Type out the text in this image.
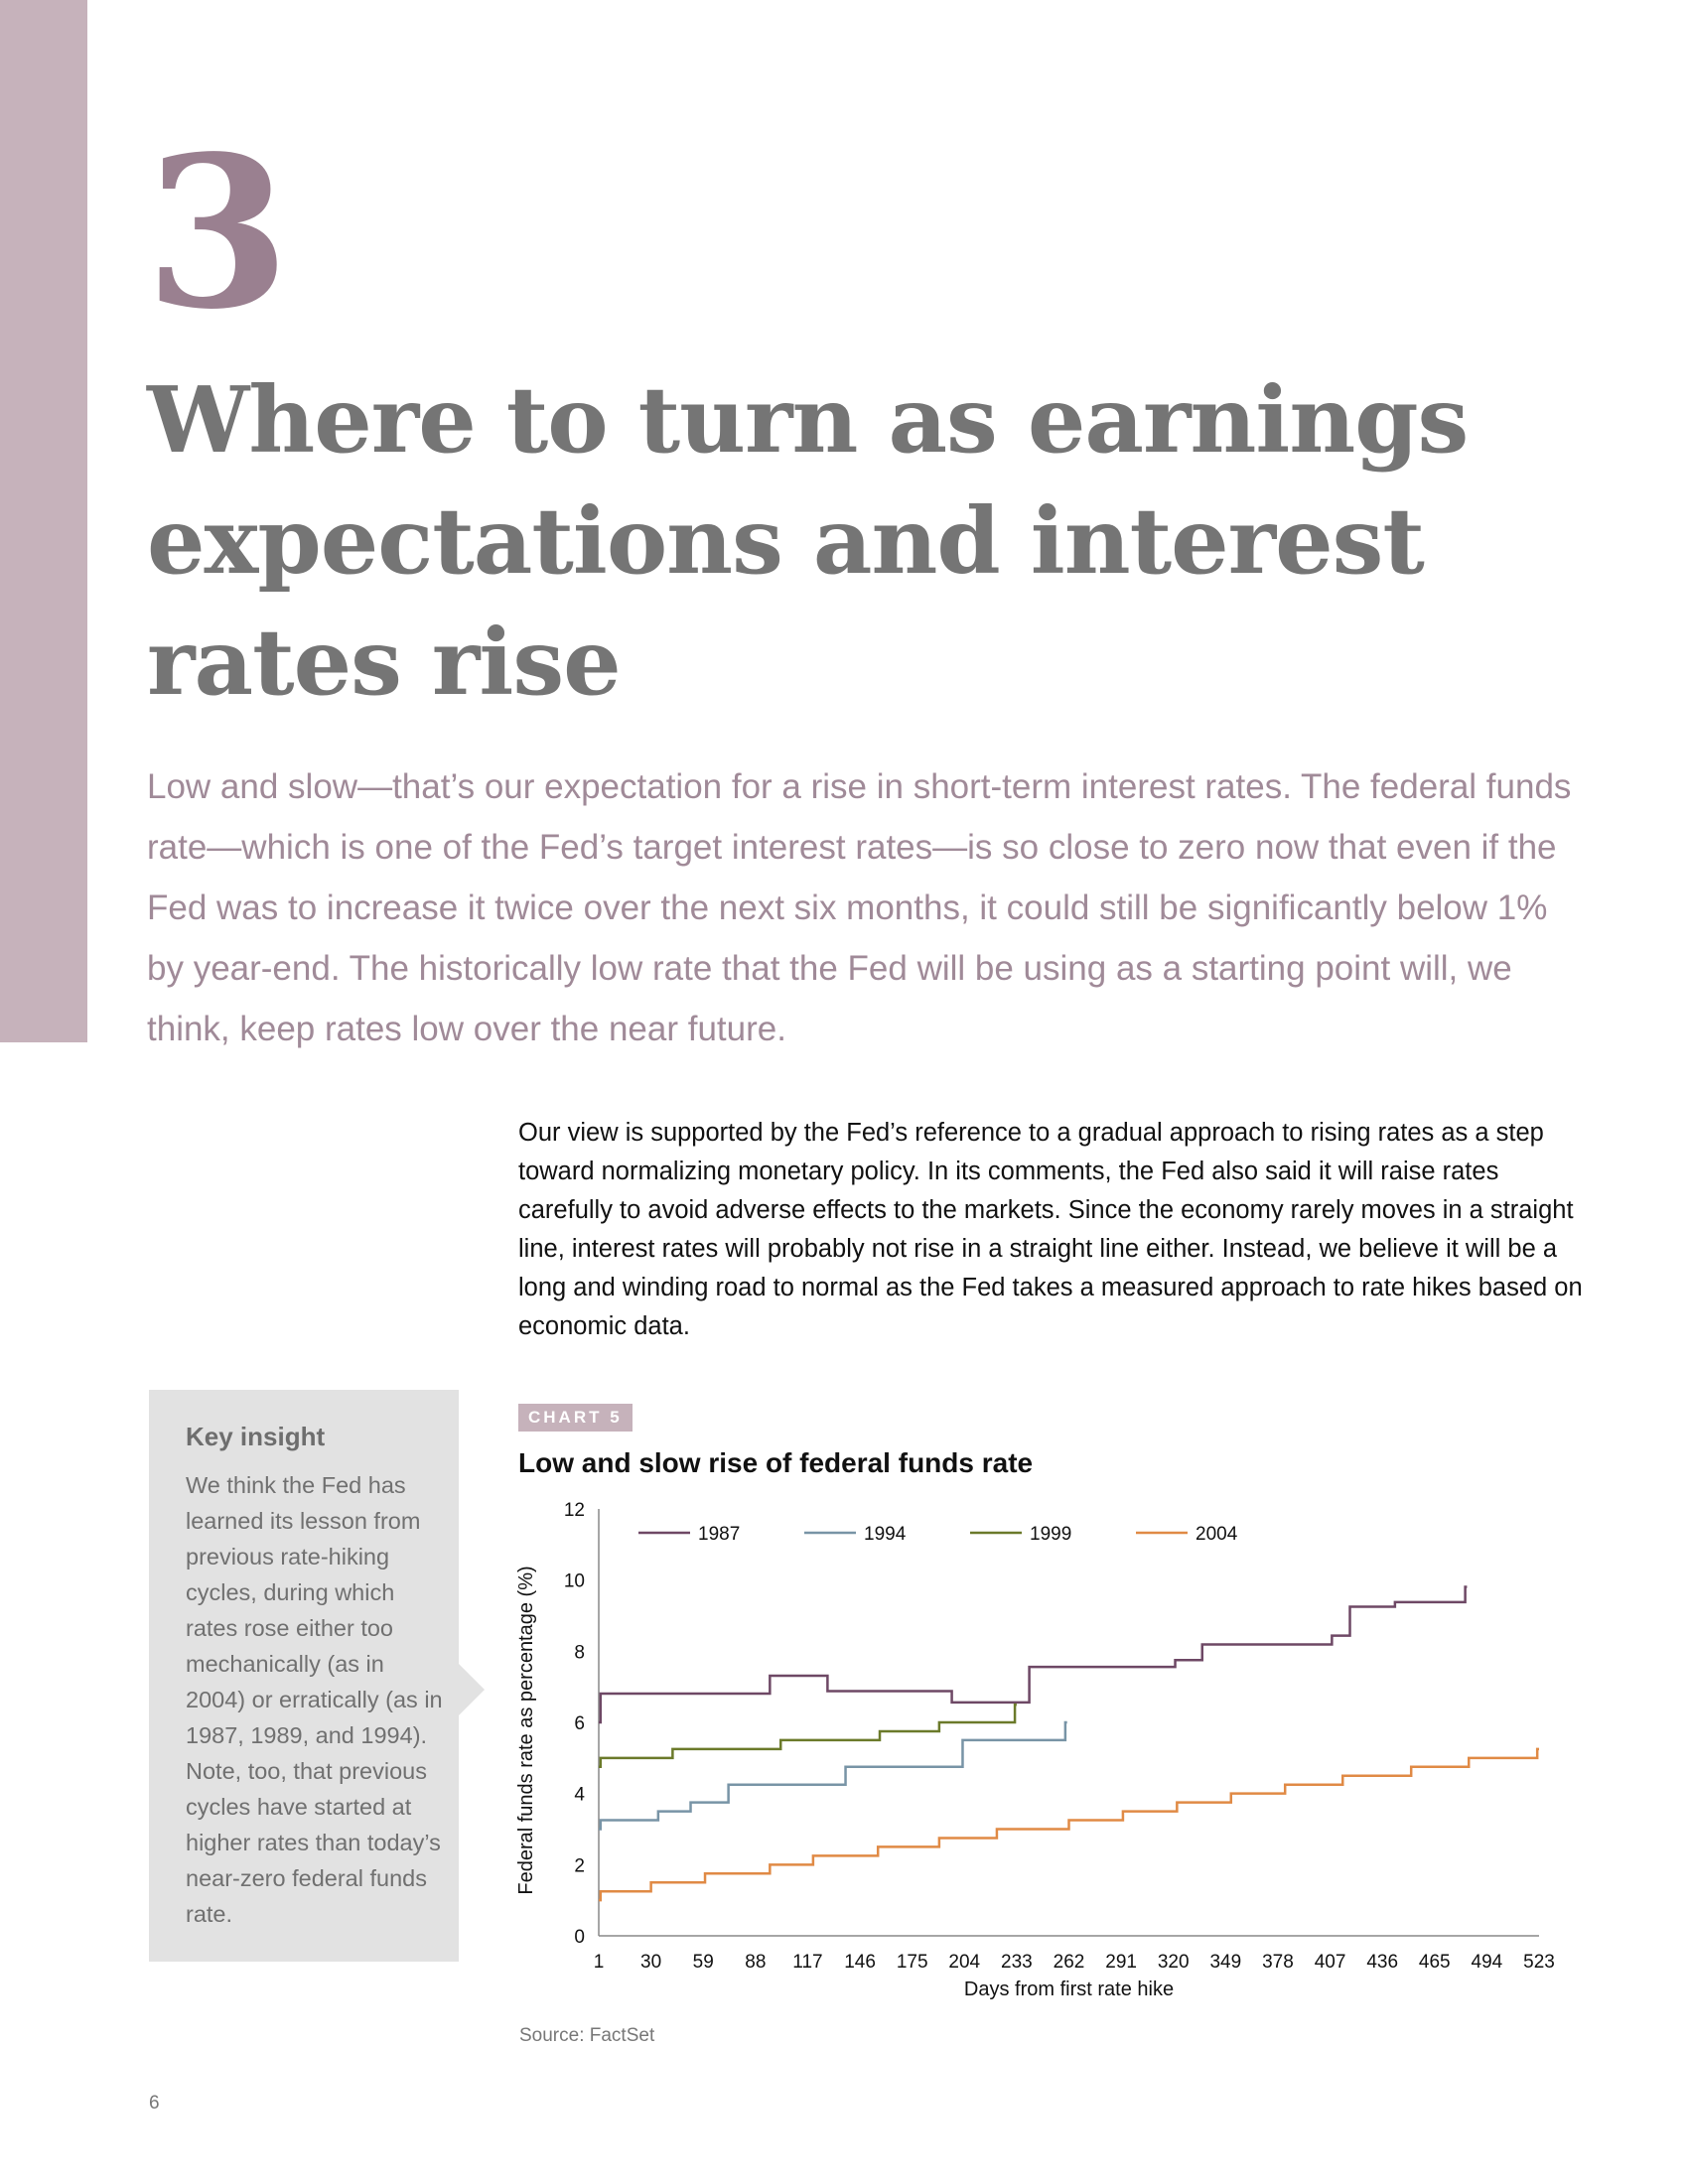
3
Where to turn as earnings expectations and interest rates rise

Low and slow—that’s our expectation for a rise in short-term interest rates. The federal funds rate—which is one of the Fed’s target interest rates—is so close to zero now that even if the Fed was to increase it twice over the next six months, it could still be significantly below 1% by year-end. The historically low rate that the Fed will be using as a starting point will, we think, keep rates low over the near future.

Our view is supported by the Fed’s reference to a gradual approach to rising rates as a step toward normalizing monetary policy. In its comments, the Fed also said it will raise rates carefully to avoid adverse effects to the markets. Since the economy rarely moves in a straight line, interest rates will probably not rise in a straight line either. Instead, we believe it will be a long and winding road to normal as the Fed takes a measured approach to rate hikes based on economic data.

Key insight

We think the Fed has learned its lesson from previous rate-hiking cycles, during which rates rose either too mechanically (as in 2004) or erratically (as in 1987, 1989, and 1994). Note, too, that previous cycles have started at higher rates than today’s near-zero federal funds rate.

CHART 5
Low and slow rise of federal funds rate
0
2
4
6
8
10
12
1 30 59 88 117 146 175 204 233 262 291 320 349 378 407 436 465 494 523
Days from first rate hike
Federal funds rate as percentage (%)
1987	1994	1999	2004
Source: FactSet
6
